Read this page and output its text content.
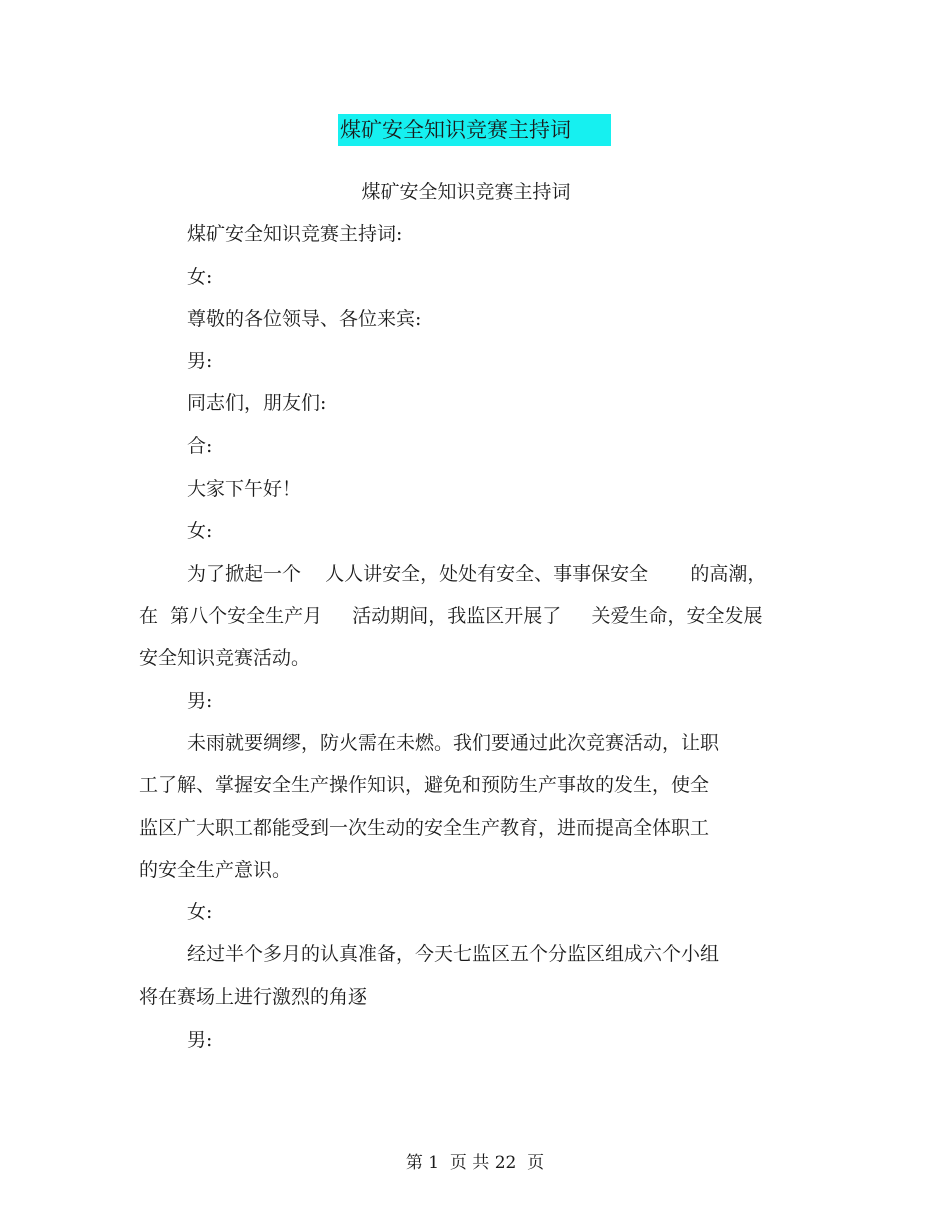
煤矿安全知识竞赛主持词
煤矿安全知识竞赛主持词
煤矿安全知识竞赛主持词:
女:
尊敬的各位领导、各位来宾:
男:
同志们，朋友们:
合:
大家下午好！
女:
为了掀起一个    人人讲安全，处处有安全、事事保安全       的高潮，
在  第八个安全生产月     活动期间，我监区开展了     关爱生命，安全发展
安全知识竞赛活动。
男:
未雨就要绸缪，防火需在未燃。我们要通过此次竞赛活动，让职
工了解、掌握安全生产操作知识，避免和预防生产事故的发生，使全
监区广大职工都能受到一次生动的安全生产教育，进而提高全体职工
的安全生产意识。
女:
经过半个多月的认真准备，今天七监区五个分监区组成六个小组
将在赛场上进行激烈的角逐
男:
第 1  页 共 22  页
